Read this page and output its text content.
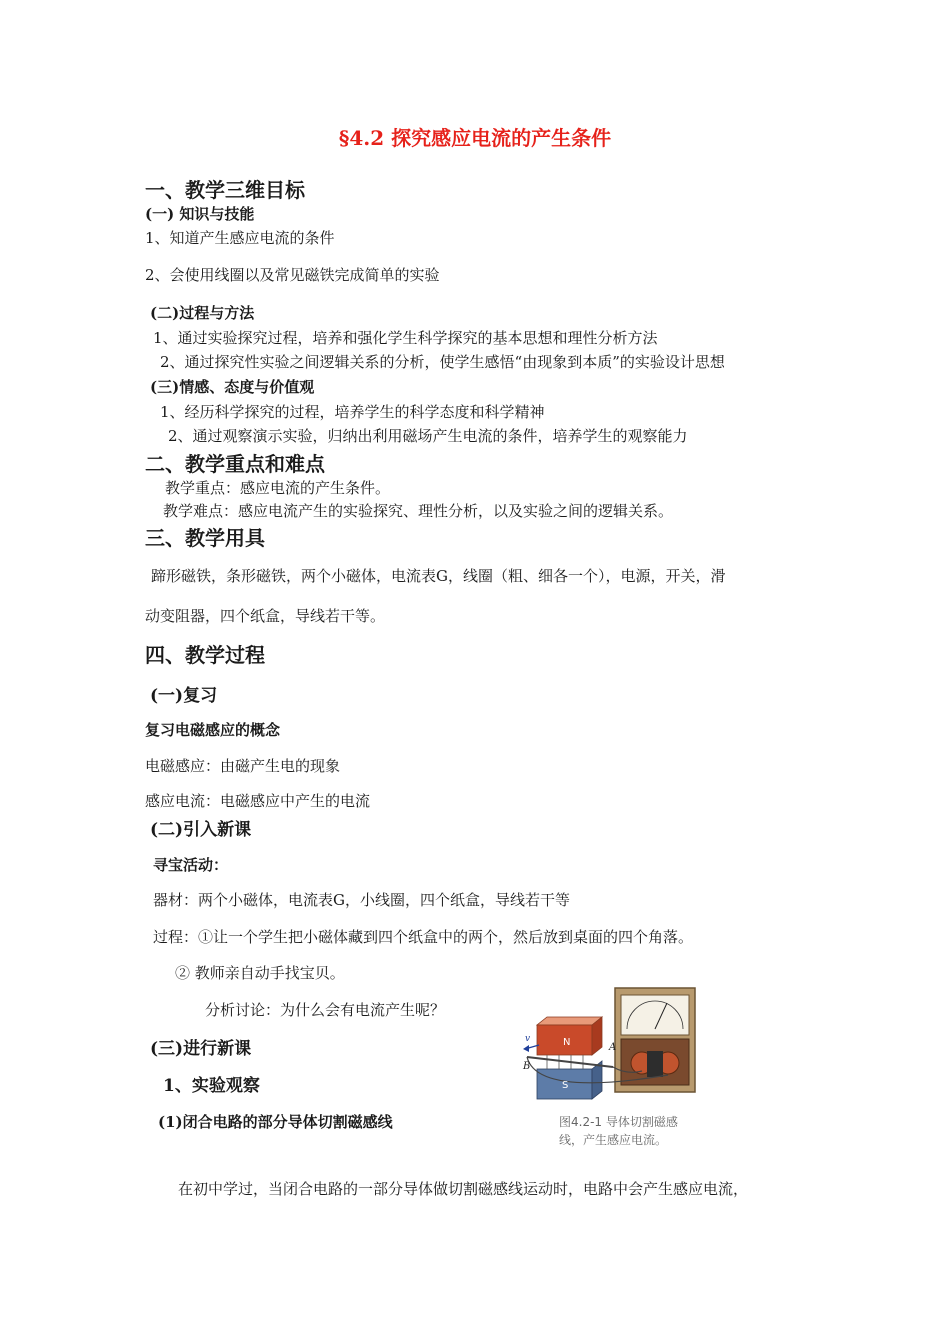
§4.2 探究感应电流的产生条件
一、教学三维目标
(一) 知识与技能
1、知道产生感应电流的条件
2、会使用线圈以及常见磁铁完成简单的实验
(二)过程与方法
1、通过实验探究过程，培养和强化学生科学探究的基本思想和理性分析方法
2、通过探究性实验之间逻辑关系的分析，使学生感悟“由现象到本质”的实验设计思想
(三)情感、态度与价值观
1、经历科学探究的过程，培养学生的科学态度和科学精神
2、通过观察演示实验，归纳出利用磁场产生电流的条件，培养学生的观察能力
二、教学重点和难点
教学重点：感应电流的产生条件。
教学难点：感应电流产生的实验探究、理性分析，以及实验之间的逻辑关系。
三、教学用具
蹄形磁铁，条形磁铁，两个小磁体，电流表G，线圈（粗、细各一个），电源，开关，滑
动变阻器，四个纸盒，导线若干等。
四、教学过程
(一)复习
复习电磁感应的概念
电磁感应：由磁产生电的现象
感应电流：电磁感应中产生的电流
(二)引入新课
寻宝活动：
器材：两个小磁体，电流表G，小线圈，四个纸盒，导线若干等
过程：①让一个学生把小磁体藏到四个纸盒中的两个，然后放到桌面的四个角落。
② 教师亲自动手找宝贝。
分析讨论：为什么会有电流产生呢？
(三)进行新课
1、实验观察
(1)闭合电路的部分导体切割磁感线
在初中学过，当闭合电路的一部分导体做切割磁感线运动时，电路中会产生感应电流，
N
S
A
B
v
图4.2-1 导体切割磁感
线，产生感应电流。
